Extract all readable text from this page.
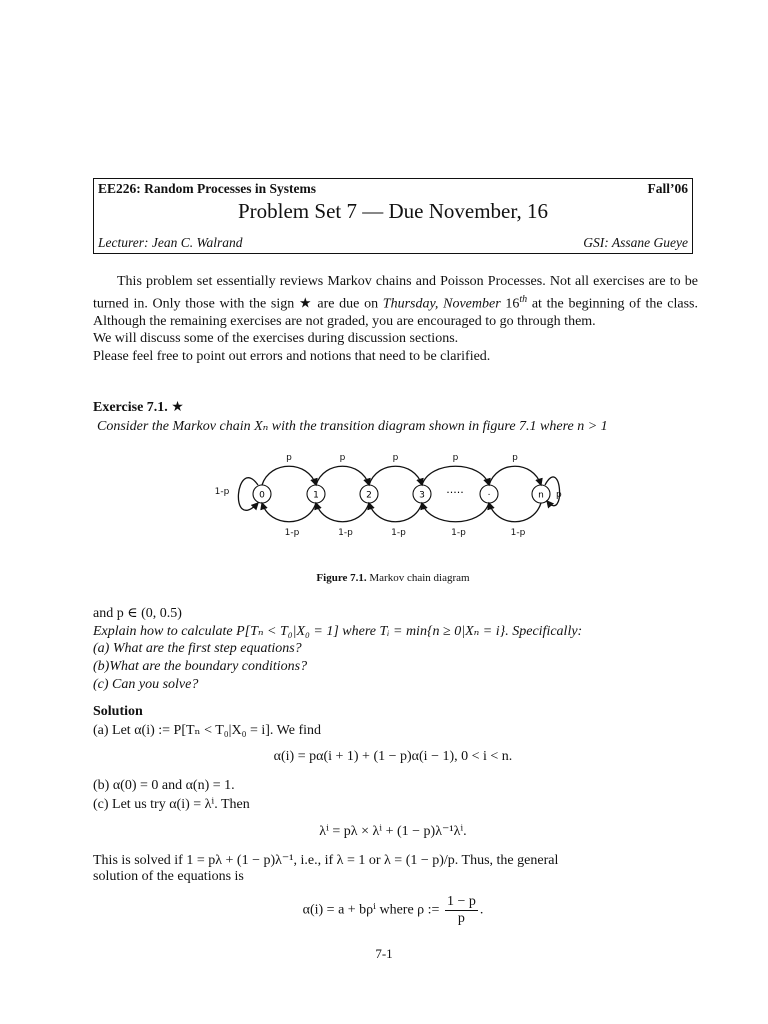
EE226: Random Processes in Systems	Fall’06
Problem Set 7 — Due November, 16
Lecturer: Jean C. Walrand	GSI: Assane Gueye

This problem set essentially reviews Markov chains and Poisson Processes. Not all exercises are to be turned in. Only those with the sign ★ are due on Thursday, November 16th at the beginning of the class. Although the remaining exercises are not graded, you are encouraged to go through them.

We will discuss some of the exercises during discussion sections.

Please feel free to point out errors and notions that need to be clarified.

Exercise 7.1. ★
Consider the Markov chain Xₙ with the transition diagram shown in figure 7.1 where n > 1
0	1	2	3	·	n
·····
p
1-p
p
1-p
p
1-p
p
1-p
p
1-p
1-p	p
Figure 7.1. Markov chain diagram
and p ∈ (0, 0.5)
Explain how to calculate P[Tₙ < T₀|X₀ = 1] where Tᵢ = min{n ≥ 0|Xₙ = i}. Specifically:
(a) What are the first step equations?
(b)What are the boundary conditions?
(c) Can you solve?
Solution
(a) Let α(i) := P[Tₙ < T₀|X₀ = i]. We find
α(i) = pα(i + 1) + (1 − p)α(i − 1), 0 < i < n.
(b) α(0) = 0 and α(n) = 1.
(c) Let us try α(i) = λⁱ. Then
λⁱ = pλ × λⁱ + (1 − p)λ⁻¹λⁱ.
This is solved if 1 = pλ + (1 − p)λ⁻¹, i.e., if λ = 1 or λ = (1 − p)/p. Thus, the general
solution of the equations is
α(i) = a + bρⁱ where ρ := $\frac{1 - p}{p}$ .
7-1
